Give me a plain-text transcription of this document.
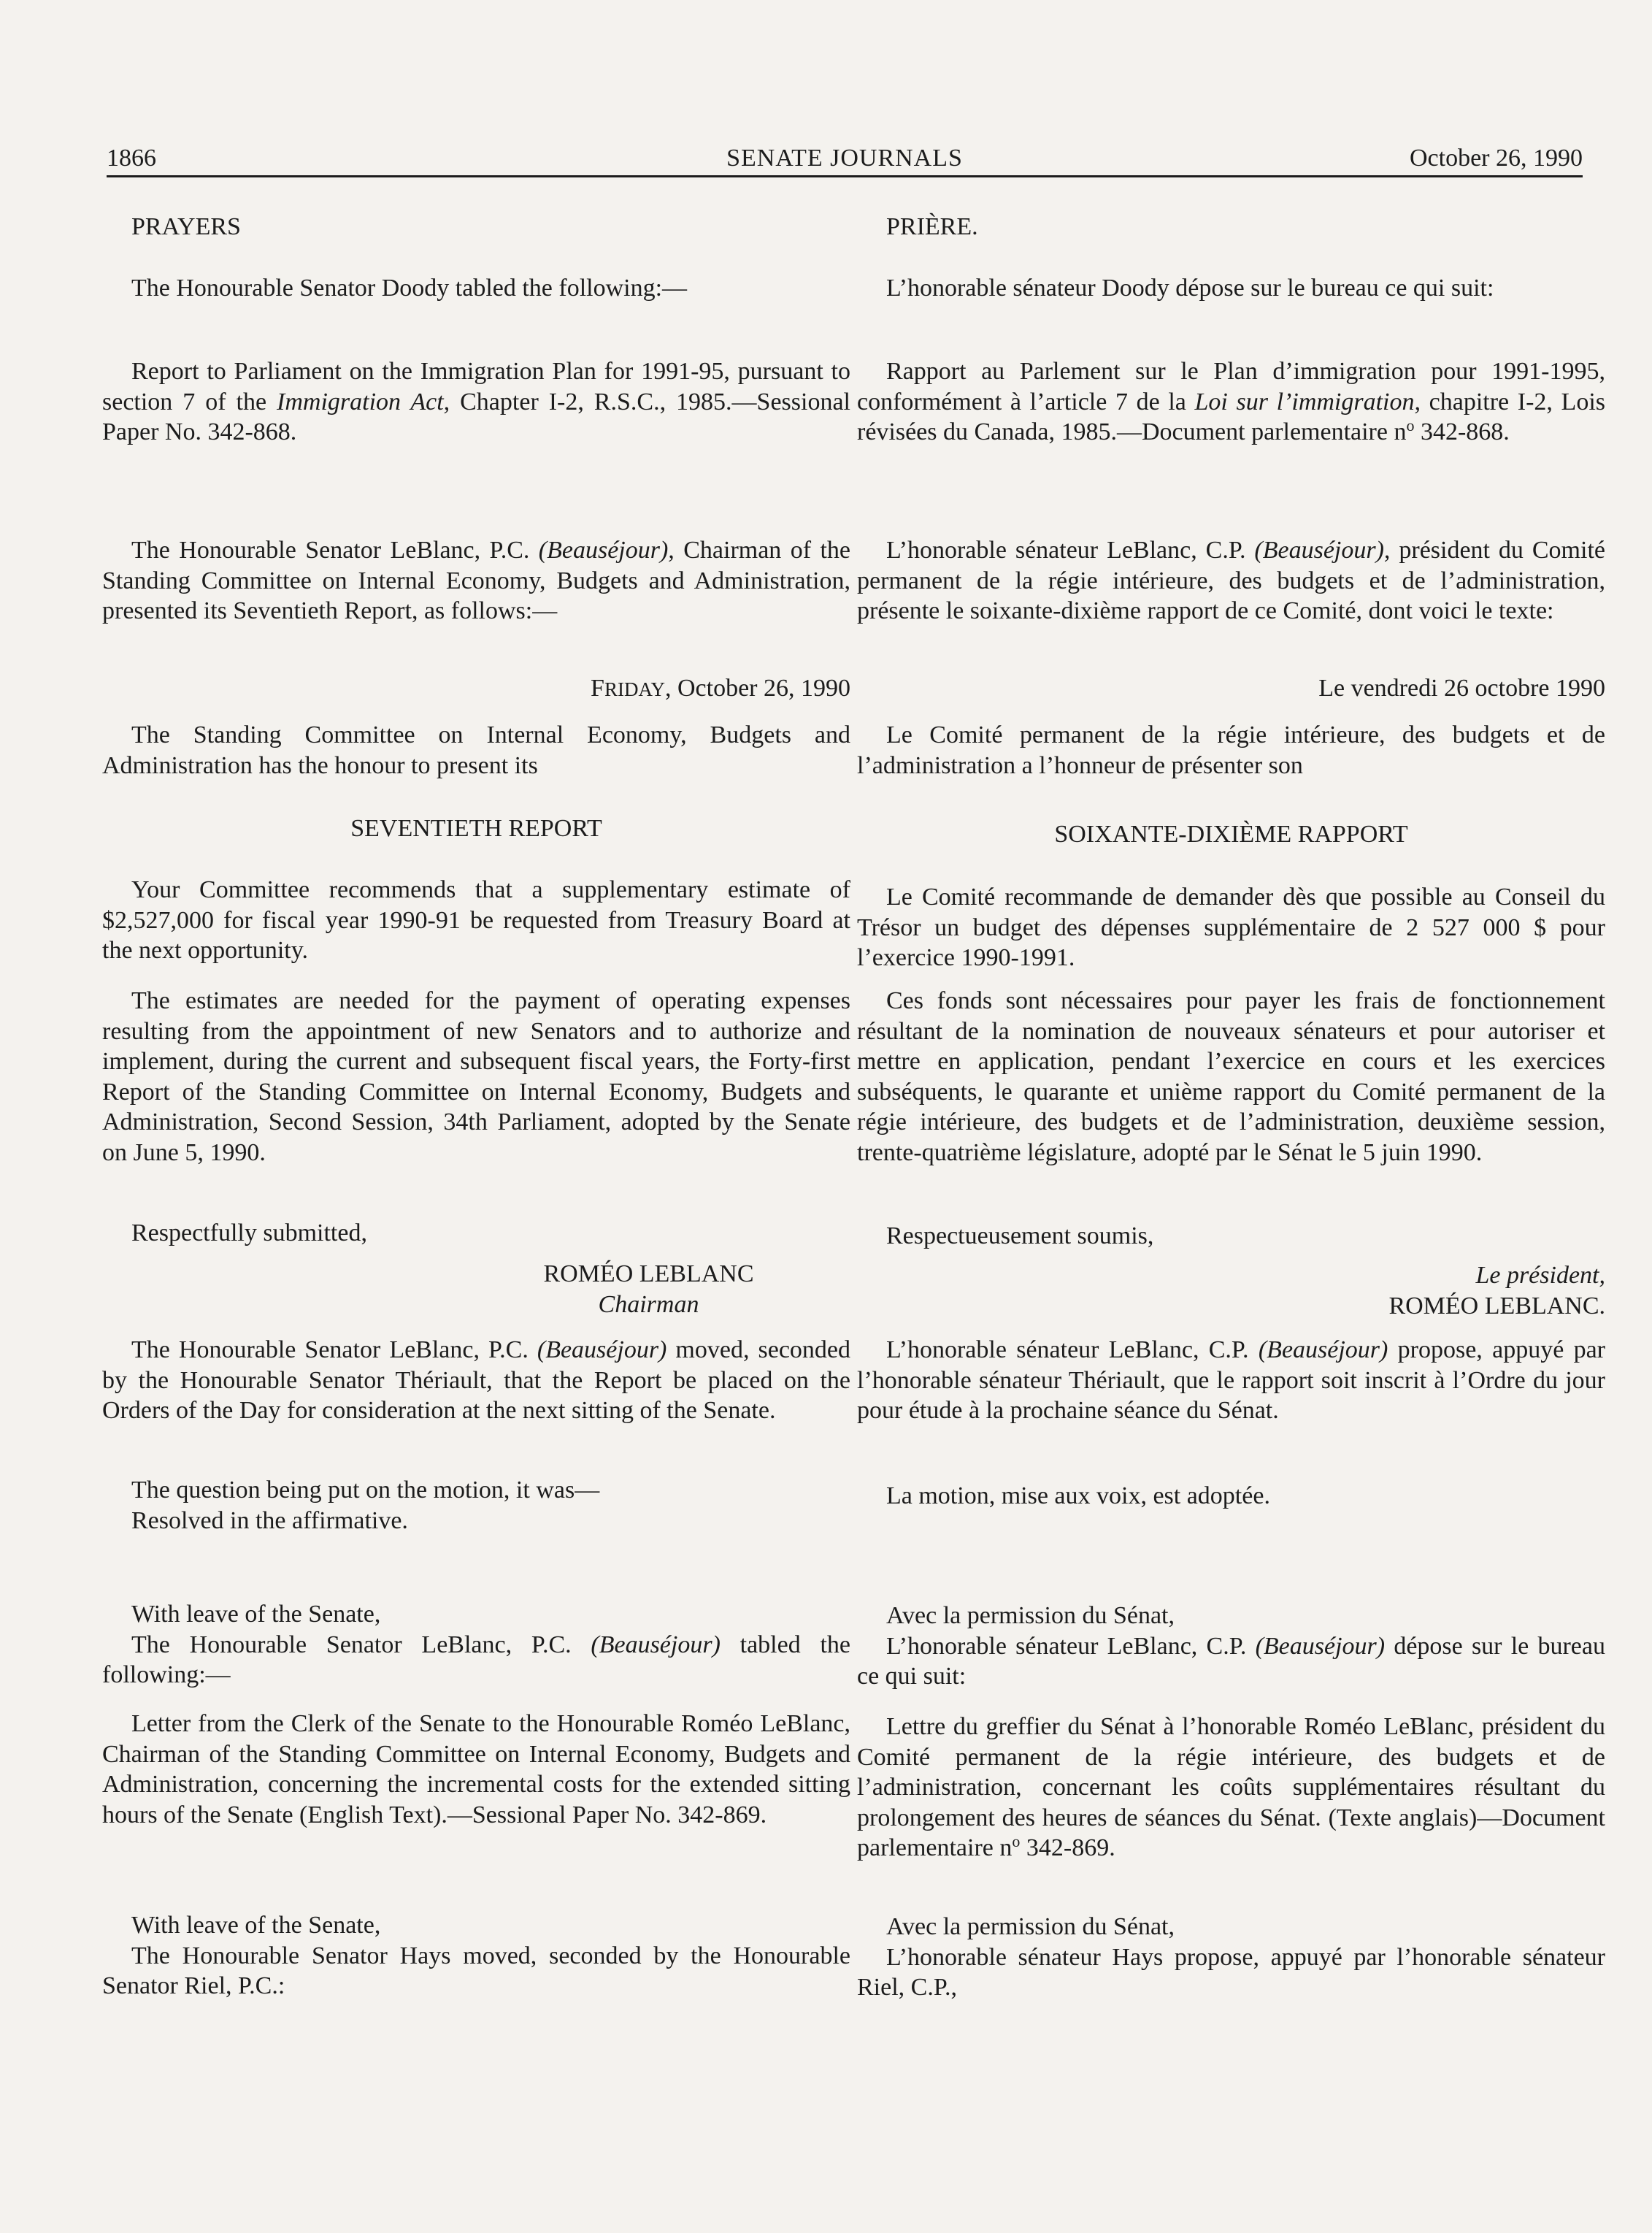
1866	SENATE JOURNALS	October 26, 1990

PRAYERS

The Honourable Senator Doody tabled the following:—

Report to Parliament on the Immigration Plan for 1991-95, pursuant to section 7 of the Immigration Act, Chapter I-2, R.S.C., 1985.—Sessional Paper No. 342-868.

The Honourable Senator LeBlanc, P.C. (Beauséjour), Chairman of the Standing Committee on Internal Economy, Budgets and Administration, presented its Seventieth Report, as follows:—

FRIDAY, October 26, 1990

The Standing Committee on Internal Economy, Budgets and Administration has the honour to present its

SEVENTIETH REPORT

Your Committee recommends that a supplementary estimate of $2,527,000 for fiscal year 1990-91 be requested from Treasury Board at the next opportunity.

The estimates are needed for the payment of operating expenses resulting from the appointment of new Senators and to authorize and implement, during the current and subsequent fiscal years, the Forty-first Report of the Standing Committee on Internal Economy, Budgets and Administration, Second Session, 34th Parliament, adopted by the Senate on June 5, 1990.

Respectfully submitted,

ROMÉO LEBLANC

Chairman

The Honourable Senator LeBlanc, P.C. (Beauséjour) moved, seconded by the Honourable Senator Thériault, that the Report be placed on the Orders of the Day for consideration at the next sitting of the Senate.

The question being put on the motion, it was—

Resolved in the affirmative.

With leave of the Senate,

The Honourable Senator LeBlanc, P.C. (Beauséjour) tabled the following:—

Letter from the Clerk of the Senate to the Honourable Roméo LeBlanc, Chairman of the Standing Committee on Internal Economy, Budgets and Administration, concerning the incremental costs for the extended sitting hours of the Senate (English Text).—Sessional Paper No. 342-869.

With leave of the Senate,

The Honourable Senator Hays moved, seconded by the Honourable Senator Riel, P.C.:

PRIÈRE.

L’honorable sénateur Doody dépose sur le bureau ce qui suit:

Rapport au Parlement sur le Plan d’immigration pour 1991-1995, conformément à l’article 7 de la Loi sur l’immigration, chapitre I-2, Lois révisées du Canada, 1985.—Document parlementaire $n^o$ 342-868.

L’honorable sénateur LeBlanc, C.P. (Beauséjour), président du Comité permanent de la régie intérieure, des budgets et de l’administration, présente le soixante-dixième rapport de ce Comité, dont voici le texte:

Le vendredi 26 octobre 1990

Le Comité permanent de la régie intérieure, des budgets et de l’administration a l’honneur de présenter son

SOIXANTE-DIXIÈME RAPPORT

Le Comité recommande de demander dès que possible au Conseil du Trésor un budget des dépenses supplémentaire de 2 527 000 $ pour l’exercice 1990-1991.

Ces fonds sont nécessaires pour payer les frais de fonctionnement résultant de la nomination de nouveaux sénateurs et pour autoriser et mettre en application, pendant l’exercice en cours et les exercices subséquents, le quarante et unième rapport du Comité permanent de la régie intérieure, des budgets et de l’administration, deuxième session, trente-quatrième législature, adopté par le Sénat le 5 juin 1990.

Respectueusement soumis,

Le président,

ROMÉO LEBLANC.

L’honorable sénateur LeBlanc, C.P. (Beauséjour) propose, appuyé par l’honorable sénateur Thériault, que le rapport soit inscrit à l’Ordre du jour pour étude à la prochaine séance du Sénat.

La motion, mise aux voix, est adoptée.

Avec la permission du Sénat,

L’honorable sénateur LeBlanc, C.P. (Beauséjour) dépose sur le bureau ce qui suit:

Lettre du greffier du Sénat à l’honorable Roméo LeBlanc, président du Comité permanent de la régie intérieure, des budgets et de l’administration, concernant les coûts supplémentaires résultant du prolongement des heures de séances du Sénat. (Texte anglais)—Document parlementaire $n^o$ 342-869.

Avec la permission du Sénat,

L’honorable sénateur Hays propose, appuyé par l’honorable sénateur Riel, C.P.,
